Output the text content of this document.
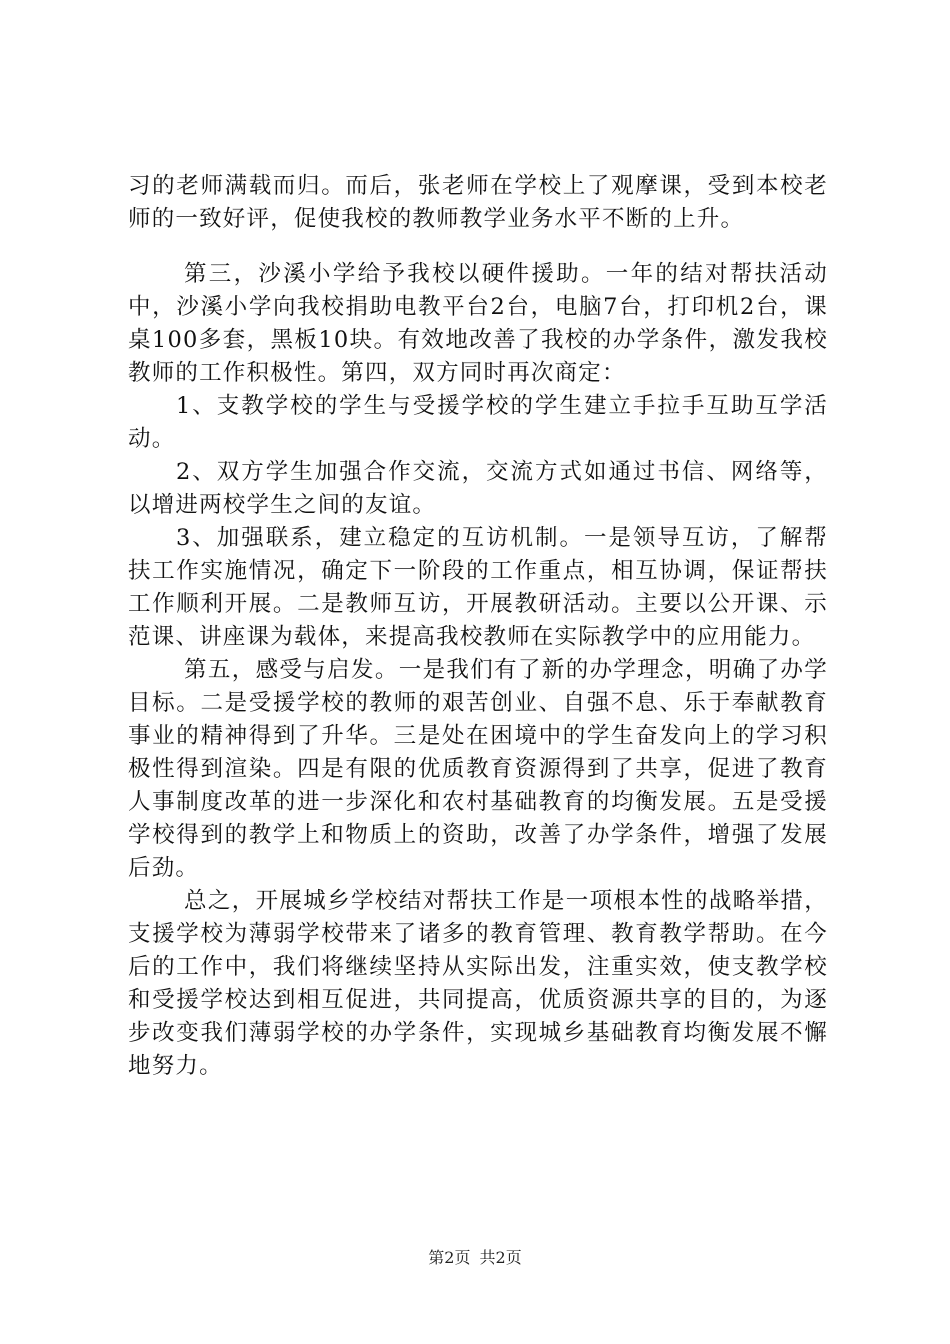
习的老师满载而归。而后，张老师在学校上了观摩课，受到本校老师的一致好评，促使我校的教师教学业务水平不断的上升。

第三，沙溪小学给予我校以硬件援助。一年的结对帮扶活动中，沙溪小学向我校捐助电教平台2台，电脑7台，打印机2台，课桌100多套，黑板10块。有效地改善了我校的办学条件，激发我校教师的工作积极性。第四，双方同时再次商定：

1、支教学校的学生与受援学校的学生建立手拉手互助互学活动。

2、双方学生加强合作交流，交流方式如通过书信、网络等，以增进两校学生之间的友谊。

3、加强联系，建立稳定的互访机制。一是领导互访，了解帮扶工作实施情况，确定下一阶段的工作重点，相互协调，保证帮扶工作顺利开展。二是教师互访，开展教研活动。主要以公开课、示范课、讲座课为载体，来提高我校教师在实际教学中的应用能力。

第五，感受与启发。一是我们有了新的办学理念，明确了办学目标。二是受援学校的教师的艰苦创业、自强不息、乐于奉献教育事业的精神得到了升华。三是处在困境中的学生奋发向上的学习积极性得到渲染。四是有限的优质教育资源得到了共享，促进了教育人事制度改革的进一步深化和农村基础教育的均衡发展。五是受援学校得到的教学上和物质上的资助，改善了办学条件，增强了发展后劲。

总之，开展城乡学校结对帮扶工作是一项根本性的战略举措，支援学校为薄弱学校带来了诸多的教育管理、教育教学帮助。在今后的工作中，我们将继续坚持从实际出发，注重实效，使支教学校和受援学校达到相互促进，共同提高，优质资源共享的目的，为逐步改变我们薄弱学校的办学条件，实现城乡基础教育均衡发展不懈地努力。

第2页 共2页
